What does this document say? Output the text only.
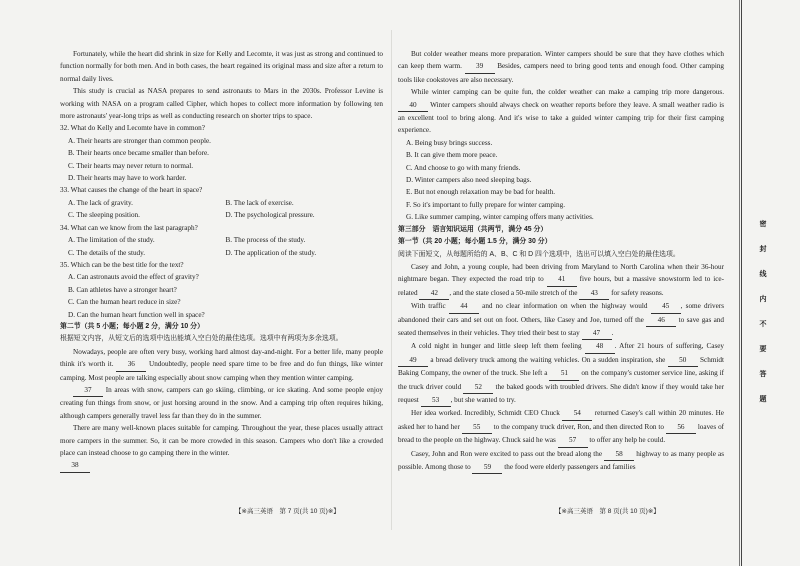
Fortunately, while the heart did shrink in size for Kelly and Lecomte, it was just as strong and continued to function normally for both men. And in both cases, the heart regained its original mass and size after a return to normal daily lives.

This study is crucial as NASA prepares to send astronauts to Mars in the 2030s. Professor Levine is working with NASA on a program called Cipher, which hopes to collect more information by following ten more astronauts' year-long trips as well as conducting research on shorter trips to space.

32. What do Kelly and Lecomte have in common?

A. Their hearts are stronger than common people.

B. Their hearts once became smaller than before.

C. Their hearts may never return to normal.

D. Their hearts may have to work harder.

33. What causes the change of the heart in space?

A. The lack of gravity.	B. The lack of exercise.
C. The sleeping position.	D. The psychological pressure.

34. What can we know from the last paragraph?

A. The limitation of the study.	B. The process of the study.
C. The details of the study.	D. The application of the study.

35. Which can be the best title for the text?

A. Can astronauts avoid the effect of gravity?

B. Can athletes have a stronger heart?

C. Can the human heart reduce in size?

D. Can the human heart function well in space?

第二节（共 5 小题；每小题 2 分，满分 10 分）

根据短文内容，从短文后的选项中选出能填入空白处的最佳选项。选项中有两项为多余选项。

Nowadays, people are often very busy, working hard almost day-and-night. For a better life, many people think it's worth it. 36 Undoubtedly, people need spare time to be free and do fun things, like winter camping. Most people are talking especially about snow camping when they mention winter camping.

37 In areas with snow, campers can go skiing, climbing, or ice skating. And some people enjoy creating fun things from snow, or just horsing around in the snow. And a camping trip often requires hiking, although campers generally travel less far than they do in the summer.

There are many well-known places suitable for camping. Throughout the year, these places usually attract more campers in the summer. So, it can be more crowded in this season. Campers who don't like a crowded place can instead choose to go camping there in the winter.

38

But colder weather means more preparation. Winter campers should be sure that they have clothes which can keep them warm. 39 Besides, campers need to bring good tents and enough food. Other camping tools like cookstoves are also necessary.

While winter camping can be quite fun, the colder weather can make a camping trip more dangerous. 40 Winter campers should always check on weather reports before they leave. A small weather radio is an excellent tool to bring along. And it's wise to take a guided winter camping trip for their first camping experience.

A. Being busy brings success.

B. It can give them more peace.

C. And choose to go with many friends.

D. Winter campers also need sleeping bags.

E. But not enough relaxation may be bad for health.

F. So it's important to fully prepare for winter camping.

G. Like summer camping, winter camping offers many activities.

第三部分　语言知识运用（共两节，满分 45 分）

第一节（共 20 小题；每小题 1.5 分，满分 30 分）

阅读下面短文，从每题所给的 A、B、C 和 D 四个选项中，选出可以填入空白处的最佳选项。

Casey and John, a young couple, had been driving from Maryland to North Carolina when their 36-hour nightmare began. They expected the road trip to 41 five hours, but a massive snowstorm led to ice-related 42 , and the state closed a 50-mile stretch of the 43 for safety reasons.

With traffic 44 and no clear information on when the highway would 45 , some drivers abandoned their cars and set out on foot. Others, like Casey and Joe, turned off the 46 to save gas and seated themselves in their vehicles. They tried their best to stay 47 .

A cold night in hunger and little sleep left them feeling 48 . After 21 hours of suffering, Casey 49 a bread delivery truck among the waiting vehicles. On a sudden inspiration, she 50 Schmidt Baking Company, the owner of the truck. She left a 51 on the company's customer service line, asking if the truck driver could 52 the baked goods with troubled drivers. She didn't know if they would take her request 53 , but she wanted to try.

Her idea worked. Incredibly, Schmidt CEO Chuck 54 returned Casey's call within 20 minutes. He asked her to hand her 55 to the company truck driver, Ron, and then directed Ron to 56 loaves of bread to the people on the highway. Chuck said he was 57 to offer any help he could.

Casey, John and Ron were excited to pass out the bread along the 58 highway to as many people as possible. Among those to 59 the food were elderly passengers and families

【※高三英语　第 7 页(共 10 页)※】	【※高三英语　第 8 页(共 10 页)※】
密
封
线
内
不
要
答
题
